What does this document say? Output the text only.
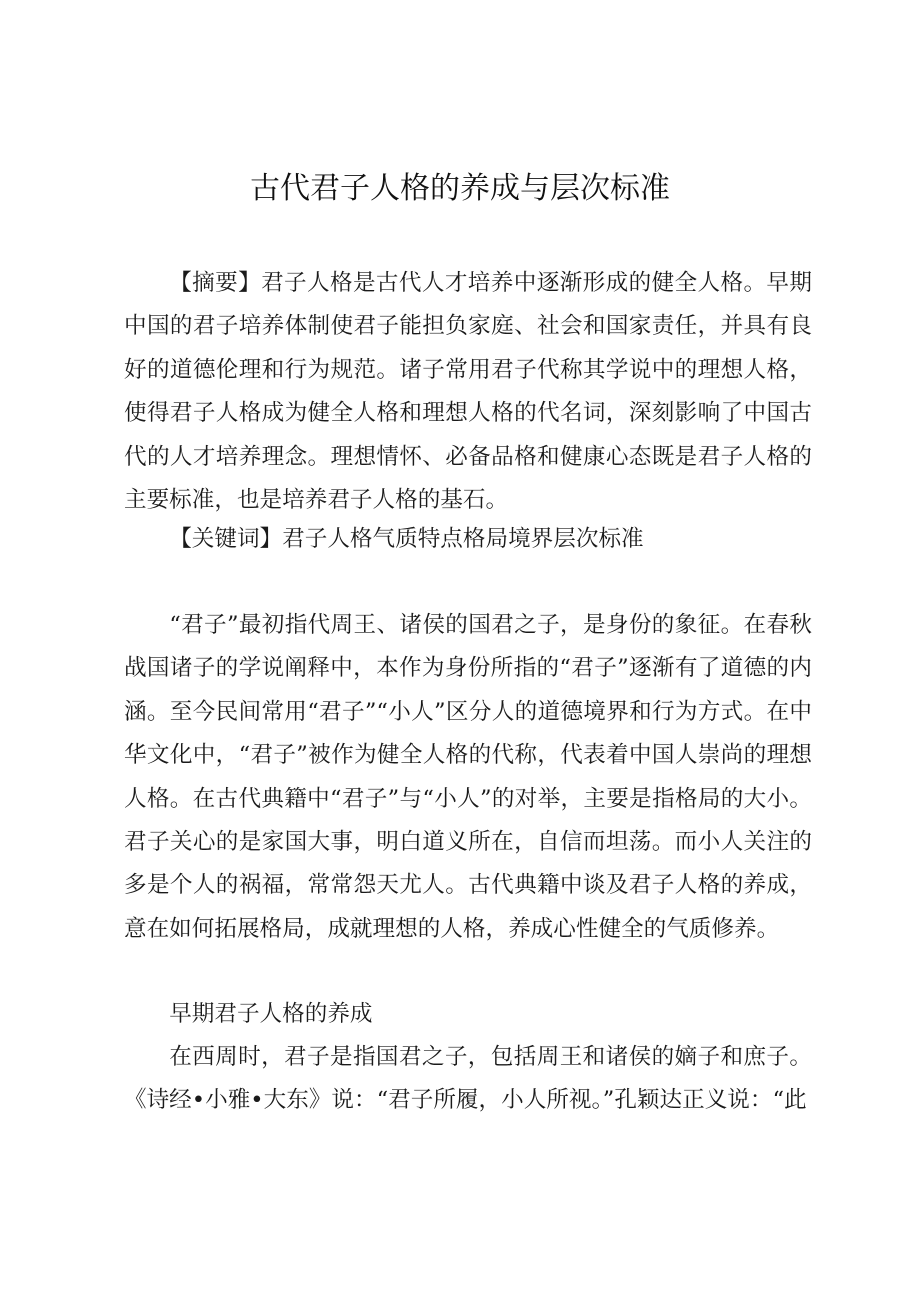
古代君子人格的养成与层次标准

【摘要】君子人格是古代人才培养中逐渐形成的健全人格。早期中国的君子培养体制使君子能担负家庭、社会和国家责任，并具有良好的道德伦理和行为规范。诸子常用君子代称其学说中的理想人格，使得君子人格成为健全人格和理想人格的代名词，深刻影响了中国古代的人才培养理念。理想情怀、必备品格和健康心态既是君子人格的主要标准，也是培养君子人格的基石。

【关键词】君子人格气质特点格局境界层次标准

“君子”最初指代周王、诸侯的国君之子，是身份的象征。在春秋战国诸子的学说阐释中，本作为身份所指的“君子”逐渐有了道德的内涵。至今民间常用“君子”“小人”区分人的道德境界和行为方式。在中华文化中，“君子”被作为健全人格的代称，代表着中国人崇尚的理想人格。在古代典籍中“君子”与“小人”的对举，主要是指格局的大小。君子关心的是家国大事，明白道义所在，自信而坦荡。而小人关注的多是个人的祸福，常常怨天尤人。古代典籍中谈及君子人格的养成，意在如何拓展格局，成就理想的人格，养成心性健全的气质修养。

早期君子人格的养成

在西周时，君子是指国君之子，包括周王和诸侯的嫡子和庶子。《诗经•小雅•大东》说：“君子所履，小人所视。”孔颖达正义说：“此
